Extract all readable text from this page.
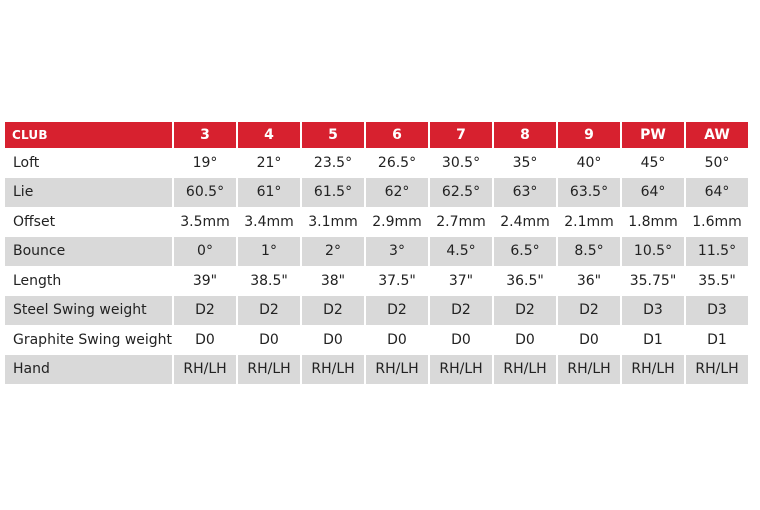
CLUB	3	4	5	6	7	8	9	PW	AW
Loft	19°	21°	23.5°	26.5°	30.5°	35°	40°	45°	50°
Lie	60.5°	61°	61.5°	62°	62.5°	63°	63.5°	64°	64°
Offset	3.5mm	3.4mm	3.1mm	2.9mm	2.7mm	2.4mm	2.1mm	1.8mm	1.6mm
Bounce	0°	1°	2°	3°	4.5°	6.5°	8.5°	10.5°	11.5°
Length	39"	38.5"	38"	37.5"	37"	36.5"	36"	35.75"	35.5"
Steel Swing weight	D2	D2	D2	D2	D2	D2	D2	D3	D3
Graphite Swing weight	D0	D0	D0	D0	D0	D0	D0	D1	D1
Hand	RH/LH	RH/LH	RH/LH	RH/LH	RH/LH	RH/LH	RH/LH	RH/LH	RH/LH
